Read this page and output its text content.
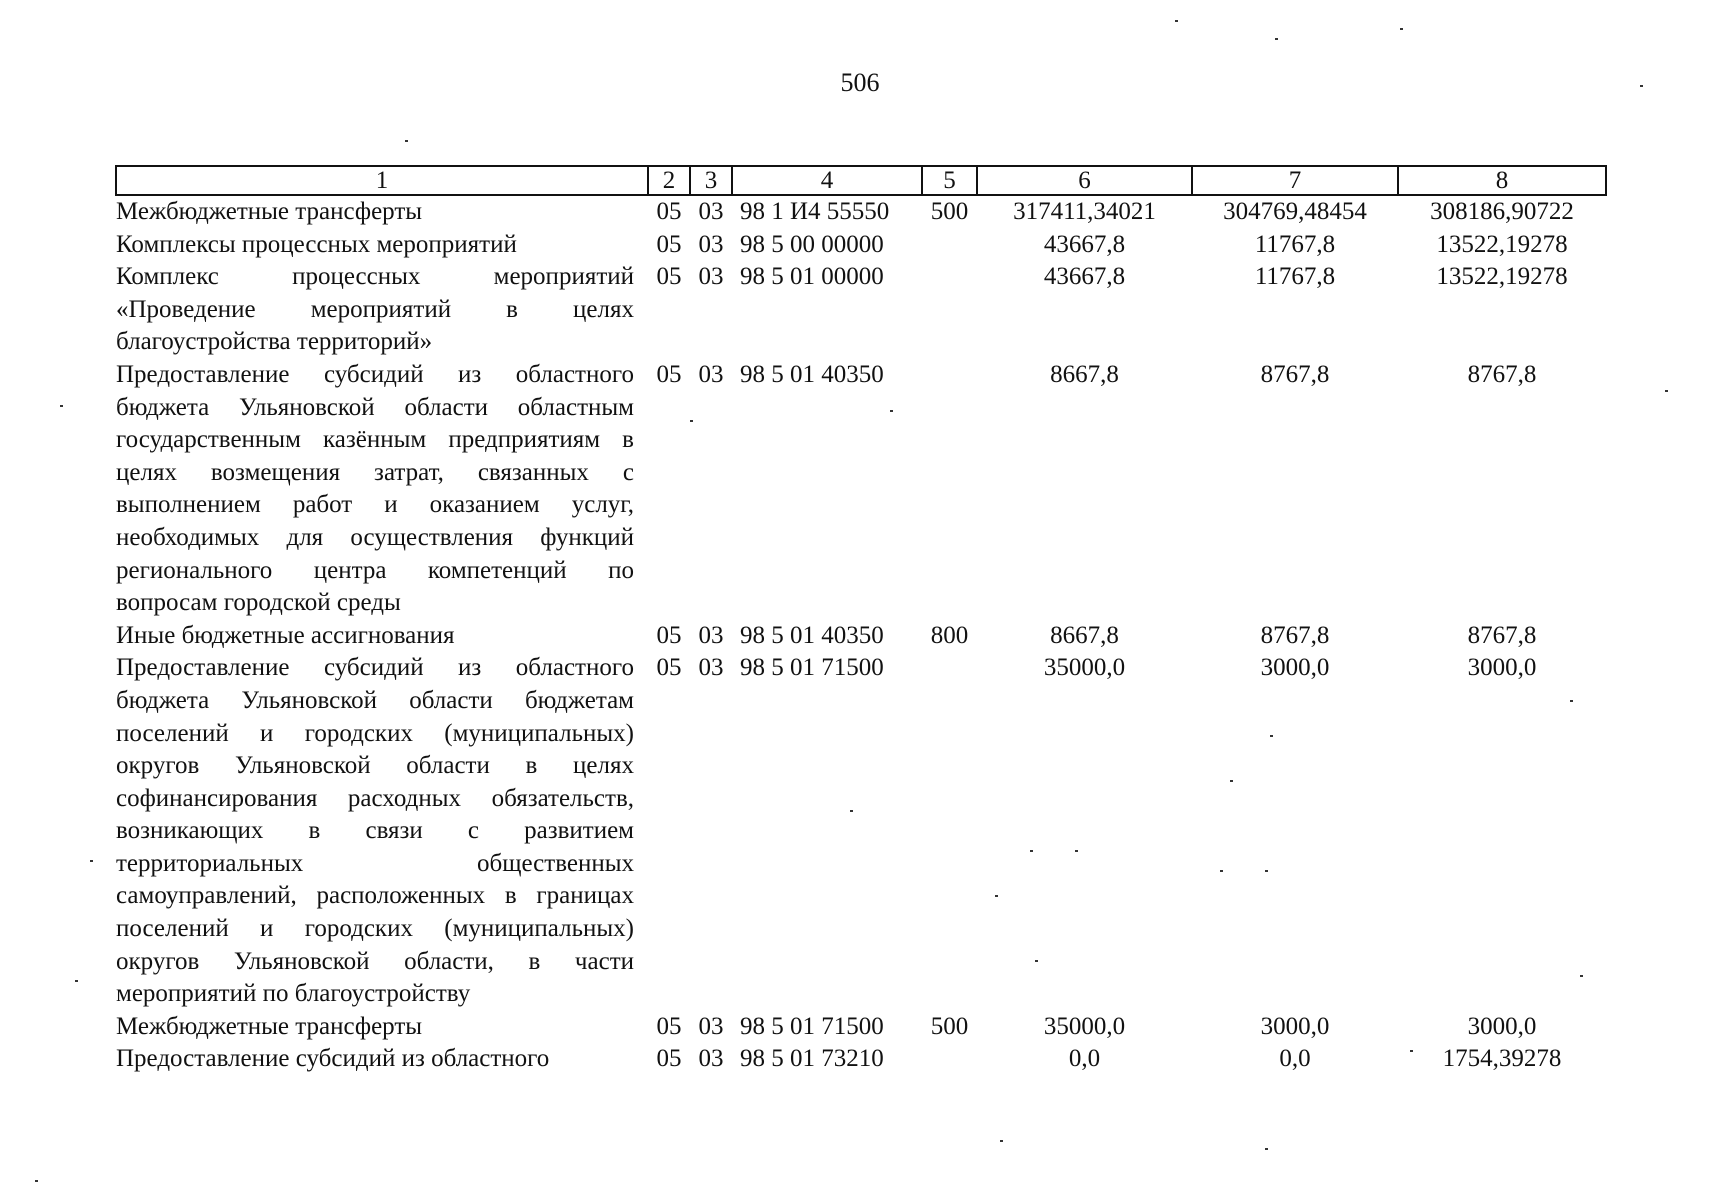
506
1	2	3	4	5	6	7	8
Межбюджетные трансферты	05	03	98 1 И4 55550	500	317411,34021	304769,48454	308186,90722
Комплексы процессных мероприятий	05	03	98 5 00 00000		43667,8	11767,8	13522,19278
Комплекс процессных мероприятий «Проведение мероприятий в целях благоустройства территорий»	05	03	98 5 01 00000		43667,8	11767,8	13522,19278
Предоставление субсидий из областного бюджета Ульяновской области областным государственным казённым предприятиям в целях возмещения затрат, связанных с выполнением работ и оказанием услуг, необходимых для осуществления функций регионального центра компетенций по вопросам городской среды	05	03	98 5 01 40350		8667,8	8767,8	8767,8
Иные бюджетные ассигнования	05	03	98 5 01 40350	800	8667,8	8767,8	8767,8
Предоставление субсидий из областного бюджета Ульяновской области бюджетам поселений и городских (муниципальных) округов Ульяновской области в целях софинансирования расходных обязательств, возникающих в связи с развитием территориальных общественных самоуправлений, расположенных в границах поселений и городских (муниципальных) округов Ульяновской области, в части мероприятий по благоустройству	05	03	98 5 01 71500		35000,0	3000,0	3000,0
Межбюджетные трансферты	05	03	98 5 01 71500	500	35000,0	3000,0	3000,0
Предоставление субсидий из областного	05	03	98 5 01 73210		0,0	0,0	1754,39278
